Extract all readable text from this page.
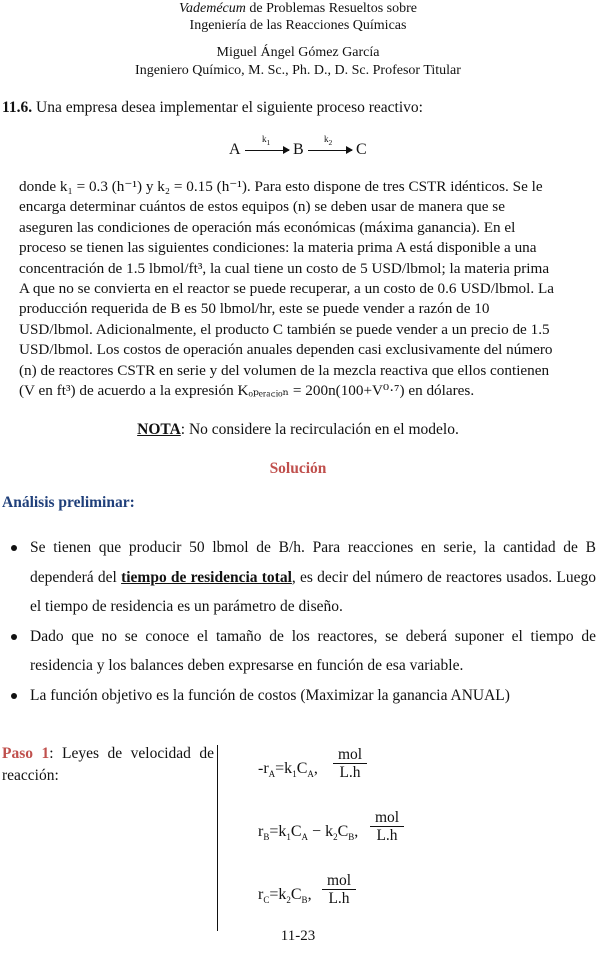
Vademécum de Problemas Resueltos sobre
Ingeniería de las Reacciones Químicas
Miguel Ángel Gómez García
Ingeniero Químico, M. Sc., Ph. D., D. Sc. Profesor Titular
11.6. Una empresa desea implementar el siguiente proceso reactivo:
A
$k_1$ B
$k_2$ C
donde k₁ = 0.3 (h⁻¹) y k₂ = 0.15 (h⁻¹). Para esto dispone de tres CSTR idénticos. Se le
encarga determinar cuántos de estos equipos (n) se deben usar de manera que se
aseguren las condiciones de operación más económicas (máxima ganancia). En el
proceso se tienen las siguientes condiciones: la materia prima A está disponible a una
concentración de 1.5 lbmol/ft³, la cual tiene un costo de 5 USD/lbmol; la materia prima
A que no se convierta en el reactor se puede recuperar, a un costo de 0.6 USD/lbmol. La
producción requerida de B es 50 lbmol/hr, este se puede vender a razón de 10
USD/lbmol. Adicionalmente, el producto C también se puede vender a un precio de 1.5
USD/lbmol. Los costos de operación anuales dependen casi exclusivamente del número
(n) de reactores CSTR en serie y del volumen de la mezcla reactiva que ellos contienen
(V en ft³) de acuerdo a la expresión Kₒₚₑᵣₐ꜀ᵢₒₙ = 200n(100+V⁰·⁷) en dólares.
NOTA: No considere la recirculación en el modelo.
Solución
Análisis preliminar:
Se tienen que producir 50 lbmol de B/h. Para reacciones en serie, la cantidad de B dependerá del tiempo de residencia total, es decir del número de reactores usados. Luego el tiempo de residencia es un parámetro de diseño.
Dado que no se conoce el tamaño de los reactores, se deberá suponer el tiempo de residencia y los balances deben expresarse en función de esa variable.
La función objetivo es la función de costos (Maximizar la ganancia ANUAL)
Paso 1: Leyes de velocidad de reacción:	$-r_A=k_1C_A$,
mol
L.h
$r_B=k_1C_A - k_2C_B$,
mol
L.h
$r_C=k_2C_B$,
mol
L.h
11-23
